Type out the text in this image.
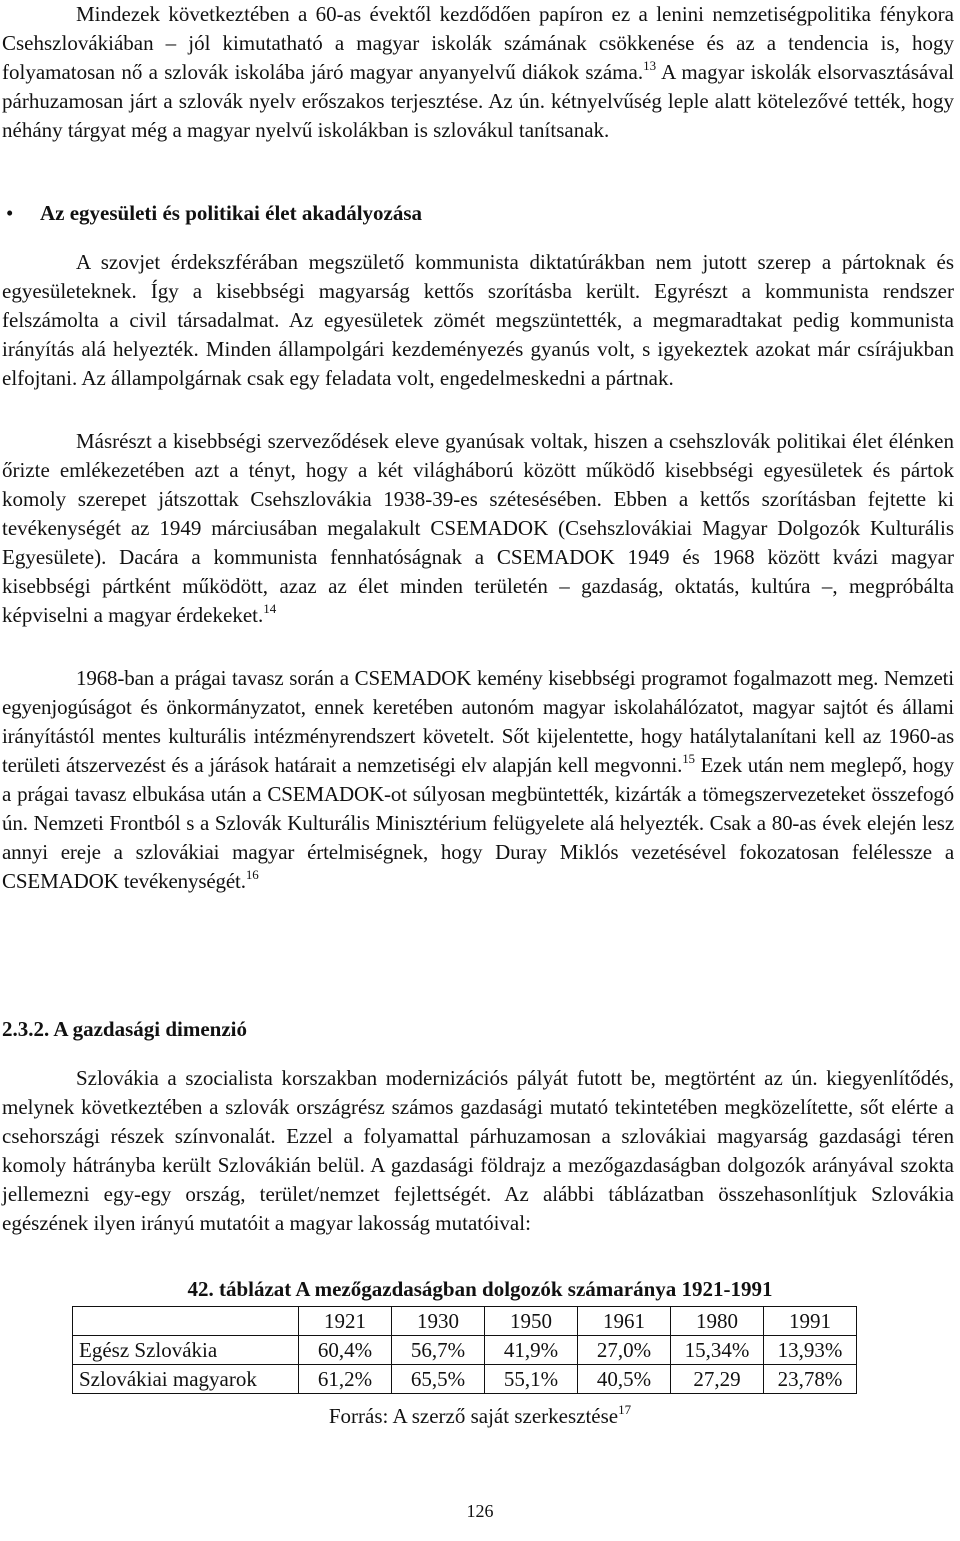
Mindezek következtében a 60-as évektől kezdődően papíron ez a lenini nemzetiségpolitika fénykora Csehszlovákiában – jól kimutatható a magyar iskolák számának csökkenése és az a tendencia is, hogy folyamatosan nő a szlovák iskolába járó magyar anyanyelvű diákok száma.$^{13}$ A magyar iskolák elsorvasztásával párhuzamosan járt a szlovák nyelv erőszakos terjesztése. Az ún. kétnyelvűség leple alatt kötelezővé tették, hogy néhány tárgyat még a magyar nyelvű iskolákban is szlovákul tanítsanak.

•	Az egyesületi és politikai élet akadályozása

A szovjet érdekszférában megszülető kommunista diktatúrákban nem jutott szerep a pártoknak és egyesületeknek. Így a kisebbségi magyarság kettős szorításba került. Egyrészt a kommunista rendszer felszámolta a civil társadalmat. Az egyesületek zömét megszüntették, a megmaradtakat pedig kommunista irányítás alá helyezték. Minden állampolgári kezdeményezés gyanús volt, s igyekeztek azokat már csírájukban elfojtani. Az állampolgárnak csak egy feladata volt, engedelmeskedni a pártnak.

Másrészt a kisebbségi szerveződések eleve gyanúsak voltak, hiszen a csehszlovák politikai élet élénken őrizte emlékezetében azt a tényt, hogy a két világháború között működő kisebbségi egyesületek és pártok komoly szerepet játszottak Csehszlovákia 1938-39-es szétesésében. Ebben a kettős szorításban fejtette ki tevékenységét az 1949 márciusában megalakult CSEMADOK (Csehszlovákiai Magyar Dolgozók Kulturális Egyesülete). Dacára a kommunista fennhatóságnak a CSEMADOK 1949 és 1968 között kvázi magyar kisebbségi pártként működött, azaz az élet minden területén – gazdaság, oktatás, kultúra –, megpróbálta képviselni a magyar érdekeket.$^{14}$

1968-ban a prágai tavasz során a CSEMADOK kemény kisebbségi programot fogalmazott meg. Nemzeti egyenjogúságot és önkormányzatot, ennek keretében autonóm magyar iskolahálózatot, magyar sajtót és állami irányítástól mentes kulturális intézményrendszert követelt. Sőt kijelentette, hogy hatálytalanítani kell az 1960-as területi átszervezést és a járások határait a nemzetiségi elv alapján kell megvonni.$^{15}$ Ezek után nem meglepő, hogy a prágai tavasz elbukása után a CSEMADOK-ot súlyosan megbüntették, kizárták a tömegszervezeteket összefogó ún. Nemzeti Frontból s a Szlovák Kulturális Minisztérium felügyelete alá helyezték. Csak a 80-as évek elején lesz annyi ereje a szlovákiai magyar értelmiségnek, hogy Duray Miklós vezetésével fokozatosan felélessze a CSEMADOK tevékenységét.$^{16}$

2.3.2. A gazdasági dimenzió

Szlovákia a szocialista korszakban modernizációs pályát futott be, megtörtént az ún. kiegyenlítődés, melynek következtében a szlovák országrész számos gazdasági mutató tekintetében megközelítette, sőt elérte a csehországi részek színvonalát. Ezzel a folyamattal párhuzamosan a szlovákiai magyarság gazdasági téren komoly hátrányba került Szlovákián belül. A gazdasági földrajz a mezőgazdaságban dolgozók arányával szokta jellemezni egy-egy ország, terület/nemzet fejlettségét. Az alábbi táblázatban összehasonlítjuk Szlovákia egészének ilyen irányú mutatóit a magyar lakosság mutatóival:

42. táblázat A mezőgazdaságban dolgozók számaránya 1921-1991
	1921	1930	1950	1961	1980	1991
Egész Szlovákia	60,4%	56,7%	41,9%	27,0%	15,34%	13,93%
Szlovákiai magyarok	61,2%	65,5%	55,1%	40,5%	27,29	23,78%
Forrás: A szerző saját szerkesztése$^{17}$
126
